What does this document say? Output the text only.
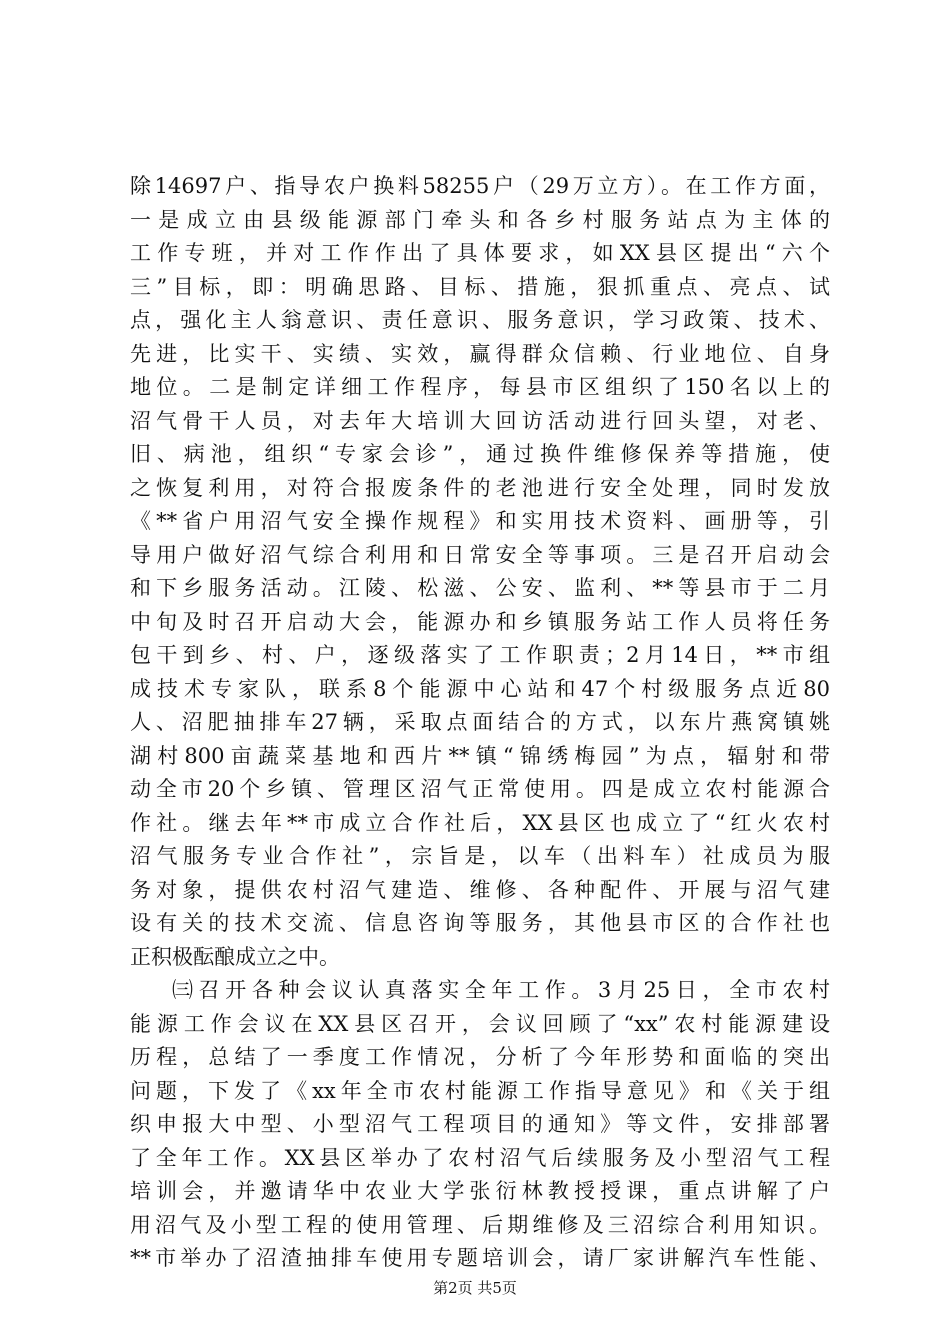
除14697户、指导农户换料58255户（29万立方）。在工作方面，
一是成立由县级能源部门牵头和各乡村服务站点为主体的
工作专班，并对工作作出了具体要求，如XX县区提出“六个
三”目标，即：明确思路、目标、措施，狠抓重点、亮点、试
点，强化主人翁意识、责任意识、服务意识，学习政策、技术、
先进，比实干、实绩、实效，赢得群众信赖、行业地位、自身
地位。二是制定详细工作程序，每县市区组织了150名以上的
沼气骨干人员，对去年大培训大回访活动进行回头望，对老、
旧、病池，组织“专家会诊”，通过换件维修保养等措施，使
之恢复利用，对符合报废条件的老池进行安全处理，同时发放
《**省户用沼气安全操作规程》和实用技术资料、画册等，引
导用户做好沼气综合利用和日常安全等事项。三是召开启动会
和下乡服务活动。江陵、松滋、公安、监利、**等县市于二月
中旬及时召开启动大会，能源办和乡镇服务站工作人员将任务
包干到乡、村、户，逐级落实了工作职责；2月14日，**市组
成技术专家队，联系8个能源中心站和47个村级服务点近80
人、沼肥抽排车27辆，采取点面结合的方式，以东片燕窝镇姚
湖村800亩蔬菜基地和西片**镇“锦绣梅园”为点，辐射和带
动全市20个乡镇、管理区沼气正常使用。四是成立农村能源合
作社。继去年**市成立合作社后，XX县区也成立了“红火农村
沼气服务专业合作社”，宗旨是，以车（出料车）社成员为服
务对象，提供农村沼气建造、维修、各种配件、开展与沼气建
设有关的技术交流、信息咨询等服务，其他县市区的合作社也
正积极酝酿成立之中。
㈢召开各种会议认真落实全年工作。3月25日，全市农村
能源工作会议在XX县区召开，会议回顾了“xx”农村能源建设
历程，总结了一季度工作情况，分析了今年形势和面临的突出
问题，下发了《xx年全市农村能源工作指导意见》和《关于组
织申报大中型、小型沼气工程项目的通知》等文件，安排部署
了全年工作。XX县区举办了农村沼气后续服务及小型沼气工程
培训会，并邀请华中农业大学张衍林教授授课，重点讲解了户
用沼气及小型工程的使用管理、后期维修及三沼综合利用知识。
**市举办了沼渣抽排车使用专题培训会，请厂家讲解汽车性能、
第2页 共5页
